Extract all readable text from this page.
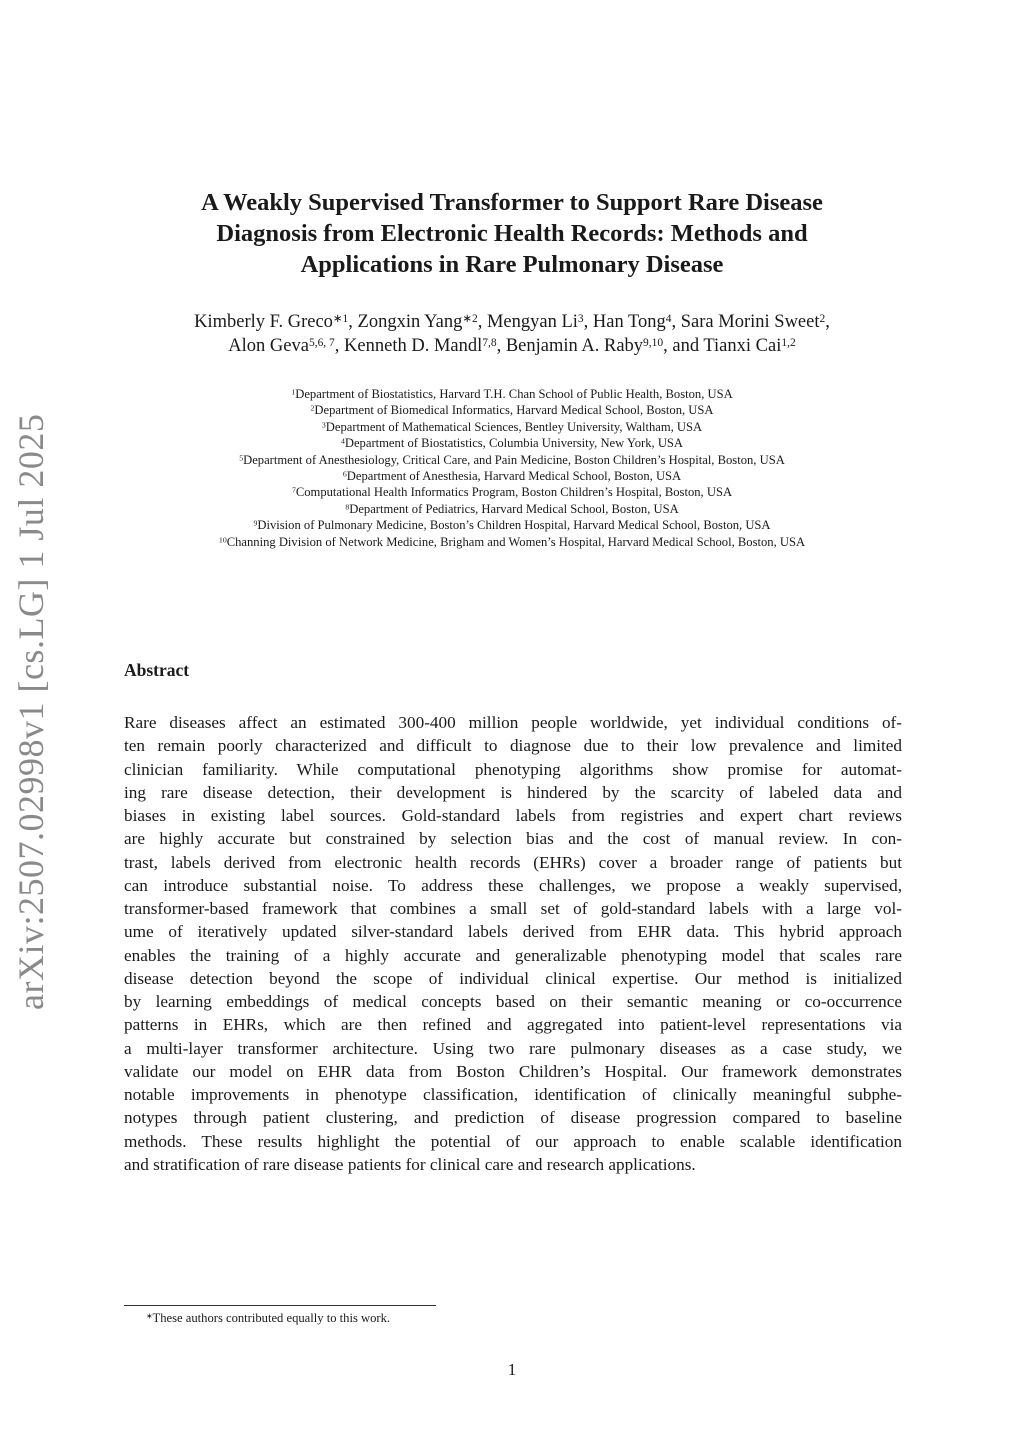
arXiv:2507.02998v1 [cs.LG] 1 Jul 2025
A Weakly Supervised Transformer to Support Rare Disease
Diagnosis from Electronic Health Records: Methods and
Applications in Rare Pulmonary Disease
Kimberly F. Greco$^{∗1}$, Zongxin Yang$^{∗2}$, Mengyan Li$^3$, Han Tong$^4$, Sara Morini Sweet$^2$,
Alon Geva$^{5,6, 7}$, Kenneth D. Mandl$^{7,8}$, Benjamin A. Raby$^{9,10}$, and Tianxi Cai$^{1,2}$
$^1$Department of Biostatistics, Harvard T.H. Chan School of Public Health, Boston, USA
$^2$Department of Biomedical Informatics, Harvard Medical School, Boston, USA
$^3$Department of Mathematical Sciences, Bentley University, Waltham, USA
$^4$Department of Biostatistics, Columbia University, New York, USA
$^5$Department of Anesthesiology, Critical Care, and Pain Medicine, Boston Children’s Hospital, Boston, USA
$^6$Department of Anesthesia, Harvard Medical School, Boston, USA
$^7$Computational Health Informatics Program, Boston Children’s Hospital, Boston, USA
$^8$Department of Pediatrics, Harvard Medical School, Boston, USA
$^9$Division of Pulmonary Medicine, Boston’s Children Hospital, Harvard Medical School, Boston, USA
$^{10}$Channing Division of Network Medicine, Brigham and Women’s Hospital, Harvard Medical School, Boston, USA
Abstract
Rare diseases affect an estimated 300-400 million people worldwide, yet individual conditions of-
ten remain poorly characterized and difficult to diagnose due to their low prevalence and limited
clinician familiarity. While computational phenotyping algorithms show promise for automat-
ing rare disease detection, their development is hindered by the scarcity of labeled data and
biases in existing label sources. Gold-standard labels from registries and expert chart reviews
are highly accurate but constrained by selection bias and the cost of manual review. In con-
trast, labels derived from electronic health records (EHRs) cover a broader range of patients but
can introduce substantial noise. To address these challenges, we propose a weakly supervised,
transformer-based framework that combines a small set of gold-standard labels with a large vol-
ume of iteratively updated silver-standard labels derived from EHR data. This hybrid approach
enables the training of a highly accurate and generalizable phenotyping model that scales rare
disease detection beyond the scope of individual clinical expertise. Our method is initialized
by learning embeddings of medical concepts based on their semantic meaning or co-occurrence
patterns in EHRs, which are then refined and aggregated into patient-level representations via
a multi-layer transformer architecture. Using two rare pulmonary diseases as a case study, we
validate our model on EHR data from Boston Children’s Hospital. Our framework demonstrates
notable improvements in phenotype classification, identification of clinically meaningful subphe-
notypes through patient clustering, and prediction of disease progression compared to baseline
methods. These results highlight the potential of our approach to enable scalable identification
and stratification of rare disease patients for clinical care and research applications.
∗These authors contributed equally to this work.
1
